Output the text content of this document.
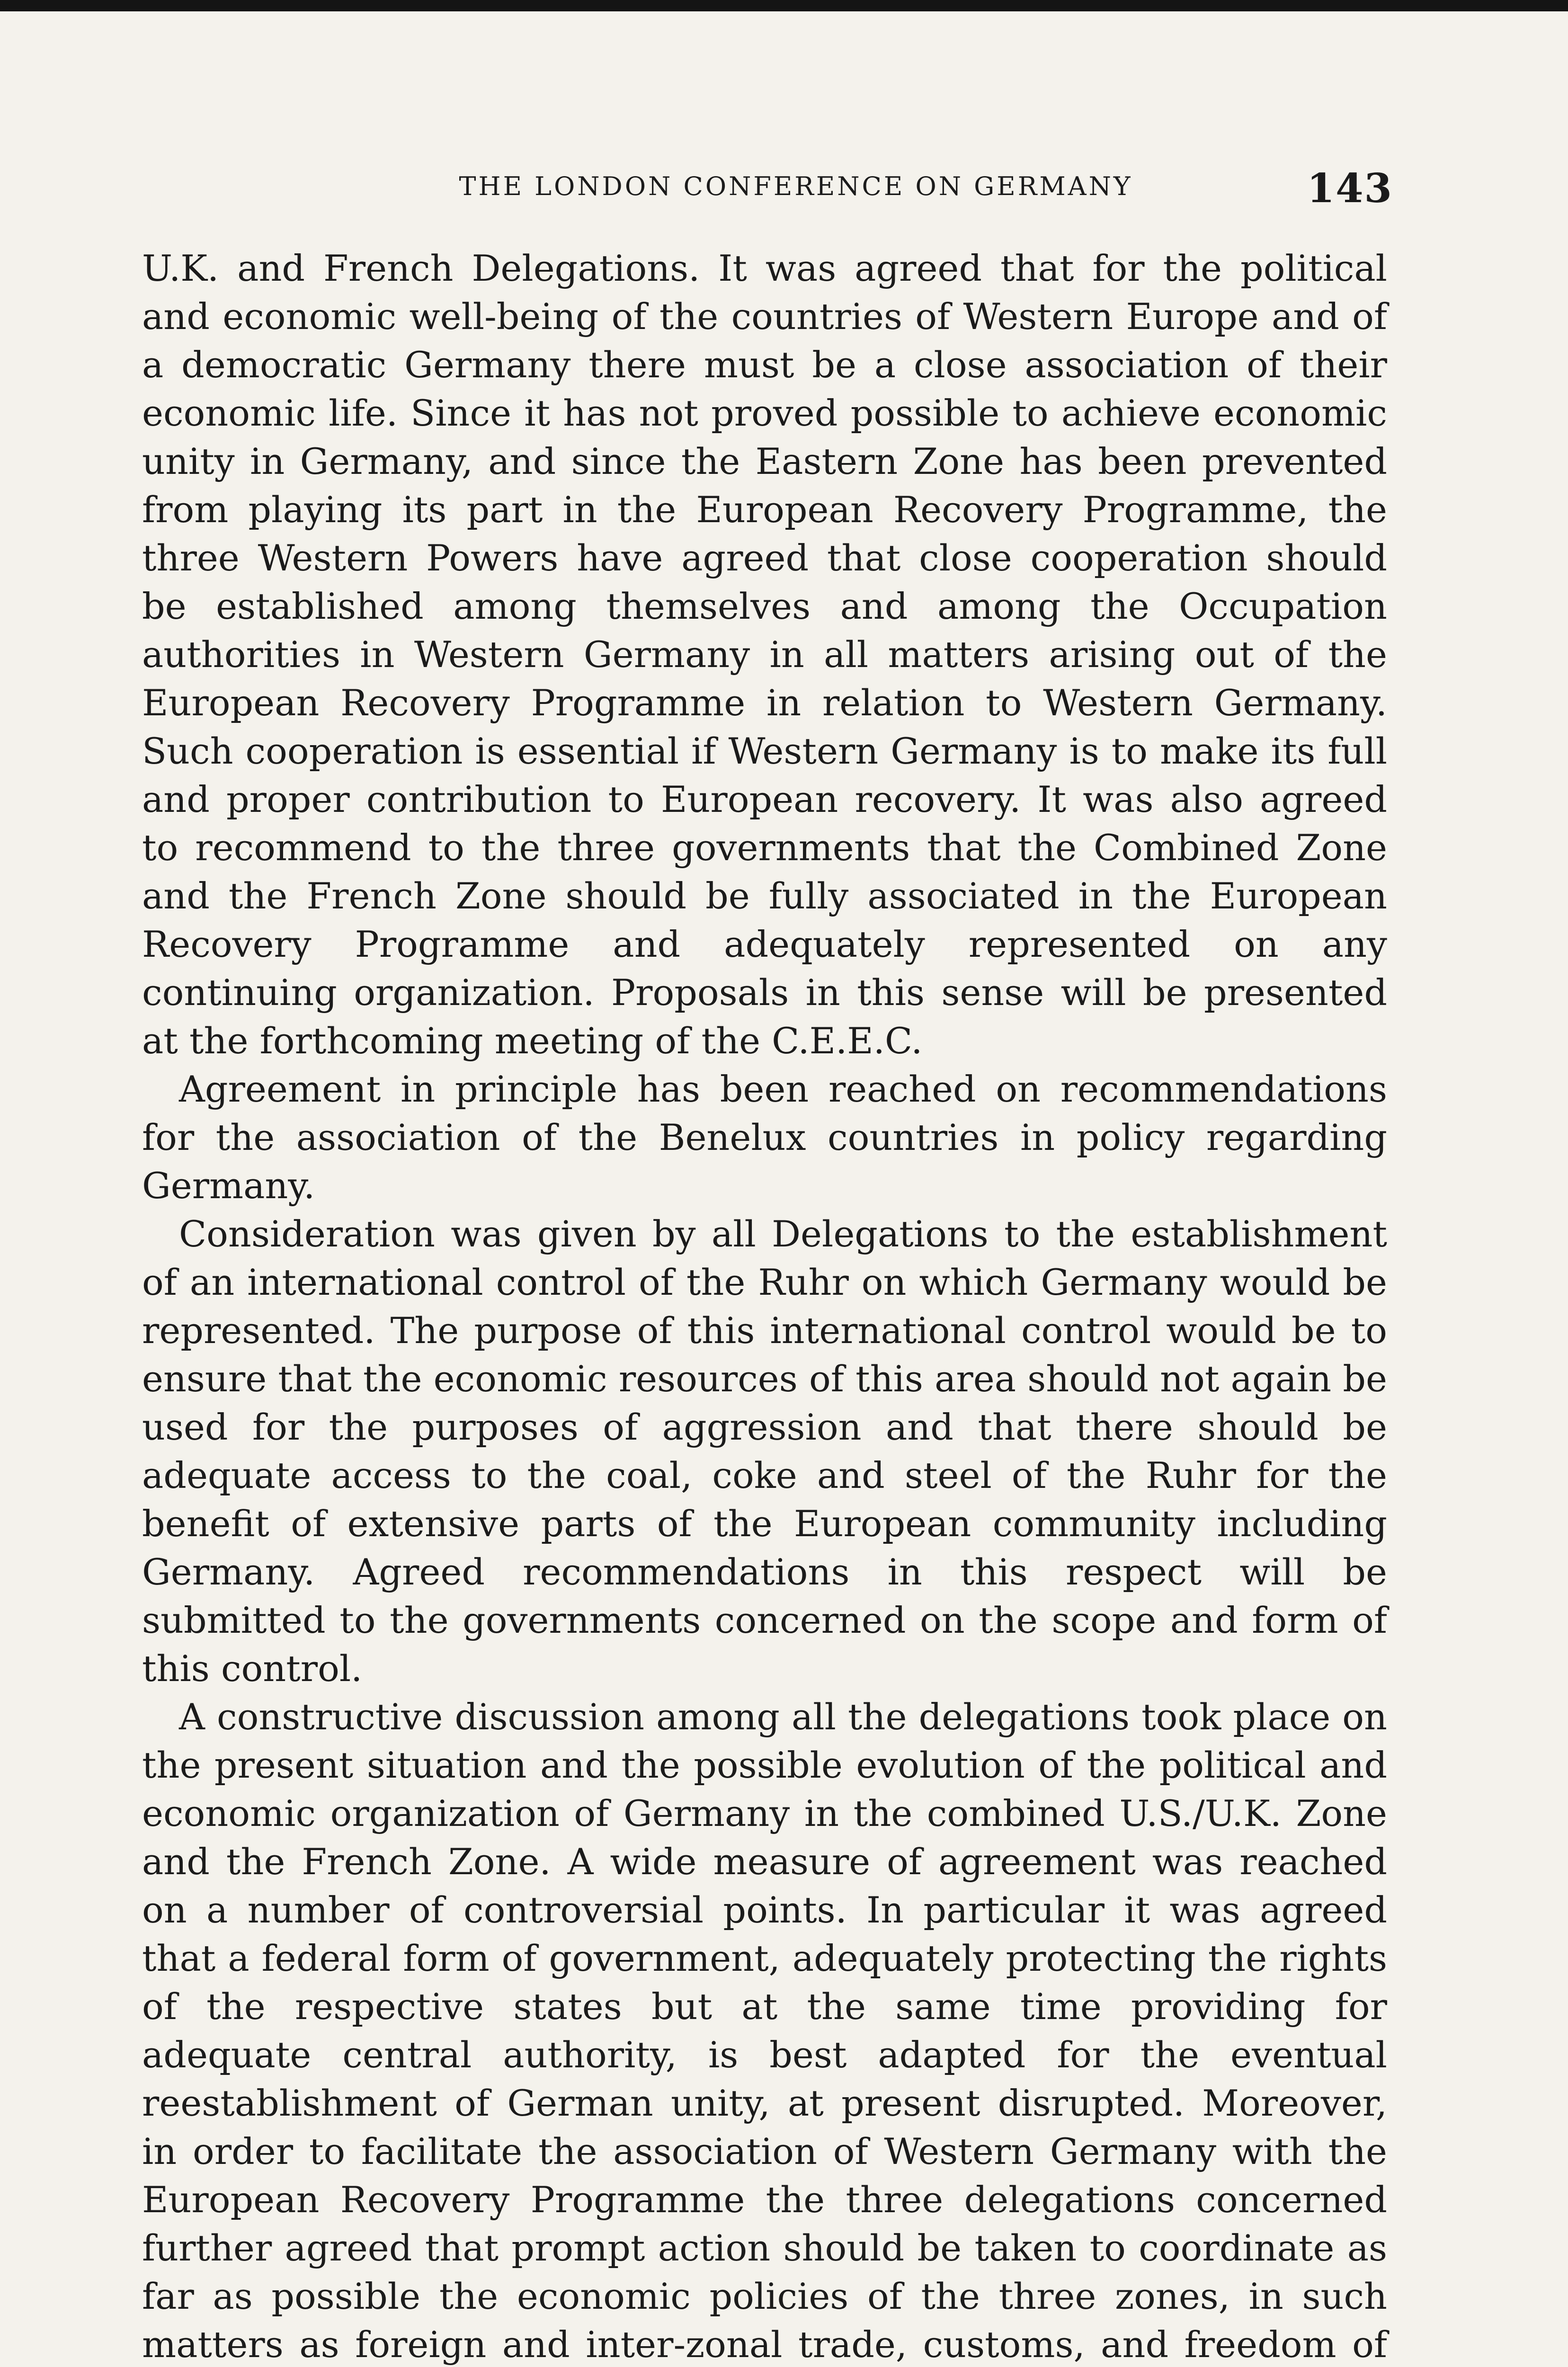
THE LONDON CONFERENCE ON GERMANY	143

U.K. and French Delegations. It was agreed that for the political and economic well-being of the countries of Western Europe and of a democratic Germany there must be a close association of their economic life. Since it has not proved possible to achieve economic unity in Germany, and since the Eastern Zone has been prevented from playing its part in the European Recovery Programme, the three Western Powers have agreed that close cooperation should be established among themselves and among the Occupation authorities in Western Germany in all matters arising out of the European Recovery Programme in relation to Western Germany. Such cooperation is essential if Western Germany is to make its full and proper contribution to European recovery. It was also agreed to recommend to the three governments that the Combined Zone and the French Zone should be fully associated in the European Recovery Programme and adequately represented on any continuing organization. Proposals in this sense will be presented at the forthcoming meeting of the C.E.E.C.

Agreement in principle has been reached on recommendations for the association of the Benelux countries in policy regarding Germany.

Consideration was given by all Delegations to the establishment of an international control of the Ruhr on which Germany would be represented. The purpose of this international control would be to ensure that the economic resources of this area should not again be used for the purposes of aggression and that there should be adequate access to the coal, coke and steel of the Ruhr for the benefit of extensive parts of the European community including Germany. Agreed recommendations in this respect will be submitted to the governments concerned on the scope and form of this control.

A constructive discussion among all the delegations took place on the present situation and the possible evolution of the political and economic organization of Germany in the combined U.S./U.K. Zone and the French Zone. A wide measure of agreement was reached on a number of controversial points. In particular it was agreed that a federal form of government, adequately protecting the rights of the respective states but at the same time providing for adequate central authority, is best adapted for the eventual reestablishment of German unity, at present disrupted. Moreover, in order to facilitate the association of Western Germany with the European Recovery Programme the three delegations concerned further agreed that prompt action should be taken to coordinate as far as possible the economic policies of the three zones, in such matters as foreign and inter-zonal trade, customs, and freedom of
